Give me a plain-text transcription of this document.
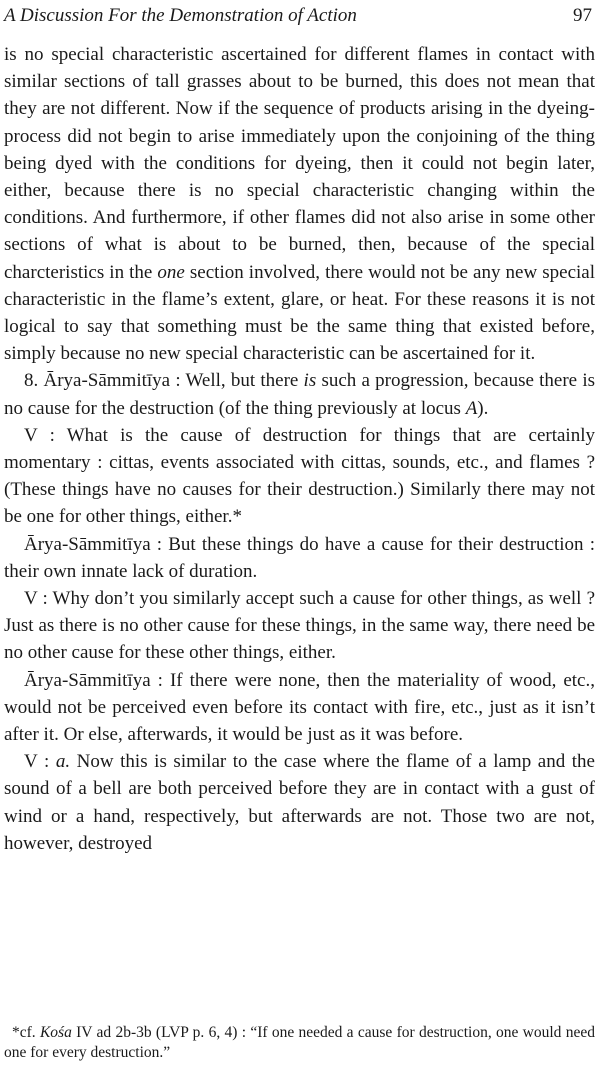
A Discussion For the Demonstration of Action	97

is no special characteristic ascertained for different flames in contact with similar sections of tall grasses about to be burned, this does not mean that they are not different. Now if the sequence of products arising in the dyeing-process did not begin to arise immediately upon the conjoining of the thing being dyed with the conditions for dyeing, then it could not begin later, either, because there is no special characteristic changing within the conditions. And furthermore, if other flames did not also arise in some other sections of what is about to be burned, then, because of the special charcteristics in the one section involved, there would not be any new special characteristic in the flame’s extent, glare, or heat. For these reasons it is not logical to say that something must be the same thing that existed before, simply because no new special characteristic can be ascertained for it.

8. Ārya-Sāmmitīya : Well, but there is such a progression, because there is no cause for the destruction (of the thing previously at locus A).

V : What is the cause of destruction for things that are certainly momentary : cittas, events associated with cittas, sounds, etc., and flames ? (These things have no causes for their destruction.) Similarly there may not be one for other things, either.*

Ārya-Sāmmitīya : But these things do have a cause for their destruction : their own innate lack of duration.

V : Why don’t you similarly accept such a cause for other things, as well ? Just as there is no other cause for these things, in the same way, there need be no other cause for these other things, either.

Ārya-Sāmmitīya : If there were none, then the materiality of wood, etc., would not be perceived even before its contact with fire, etc., just as it isn’t after it. Or else, afterwards, it would be just as it was before.

V : a. Now this is similar to the case where the flame of a lamp and the sound of a bell are both perceived before they are in contact with a gust of wind or a hand, respectively, but afterwards are not. Those two are not, however, destroyed

*cf. Kośa IV ad 2b-3b (LVP p. 6, 4) : “If one needed a cause for destruction, one would need one for every destruction.”
